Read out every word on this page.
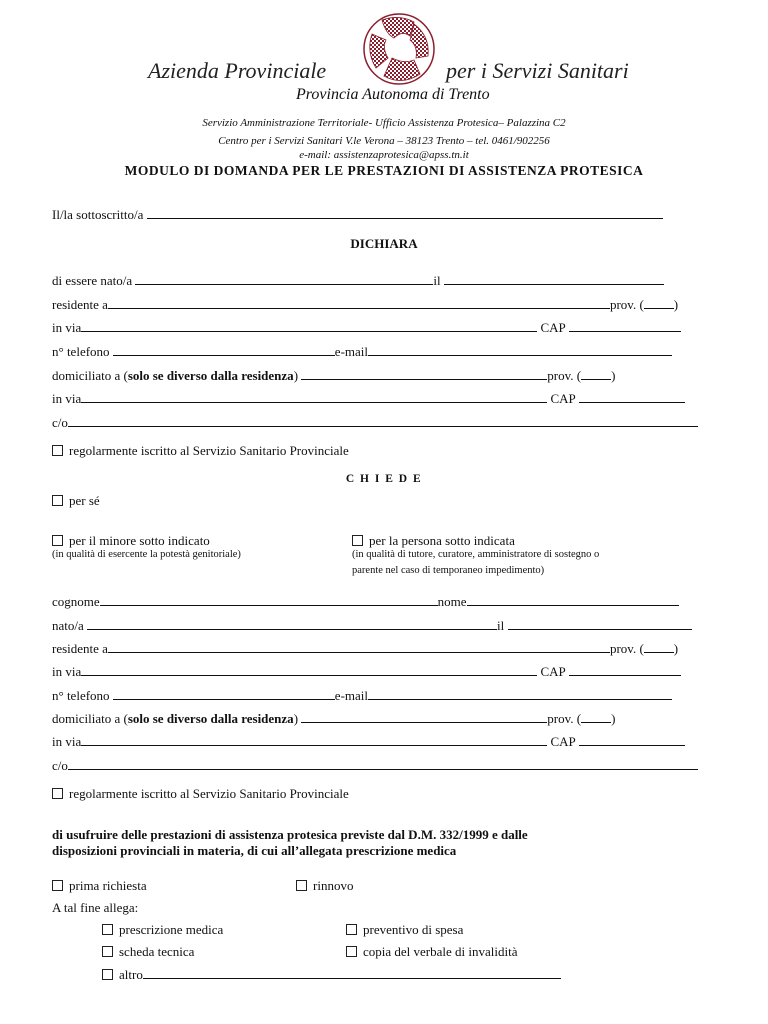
Azienda Provinciale	per i Servizi Sanitari
Provincia Autonoma di Trento
Servizio Amministrazione Territoriale- Ufficio Assistenza Protesica– Palazzina C2
Centro per i Servizi Sanitari V.le Verona – 38123 Trento – tel. 0461/902256
e-mail: assistenzaprotesica@apss.tn.it
MODULO DI DOMANDA PER LE PRESTAZIONI DI ASSISTENZA PROTESICA
Il/la sottoscritto/a
DICHIARA
di essere nato/a	il
residente a	prov. ( )
in via	CAP
n° telefono	e-mail
domiciliato a (solo se diverso dalla residenza)	prov. ( )
in via	CAP
c/o
regolarmente iscritto al Servizio Sanitario Provinciale
C H I E D E
per sé
per il minore sotto indicato
(in qualità di esercente la potestà genitoriale)
per la persona sotto indicata
(in qualità di tutore, curatore, amministratore di sostegno o
parente nel caso di temporaneo impedimento)
cognome	nome
nato/a	il
residente a	prov. ( )
in via	CAP
n° telefono	e-mail
domiciliato a (solo se diverso dalla residenza)	prov. ( )
in via	CAP
c/o
regolarmente iscritto al Servizio Sanitario Provinciale
di usufruire delle prestazioni di assistenza protesica previste dal D.M. 332/1999 e dalle
disposizioni provinciali in materia, di cui all’allegata prescrizione medica
prima richiesta	rinnovo
A tal fine allega:
prescrizione medica	preventivo di spesa
scheda tecnica	copia del verbale di invalidità
altro
